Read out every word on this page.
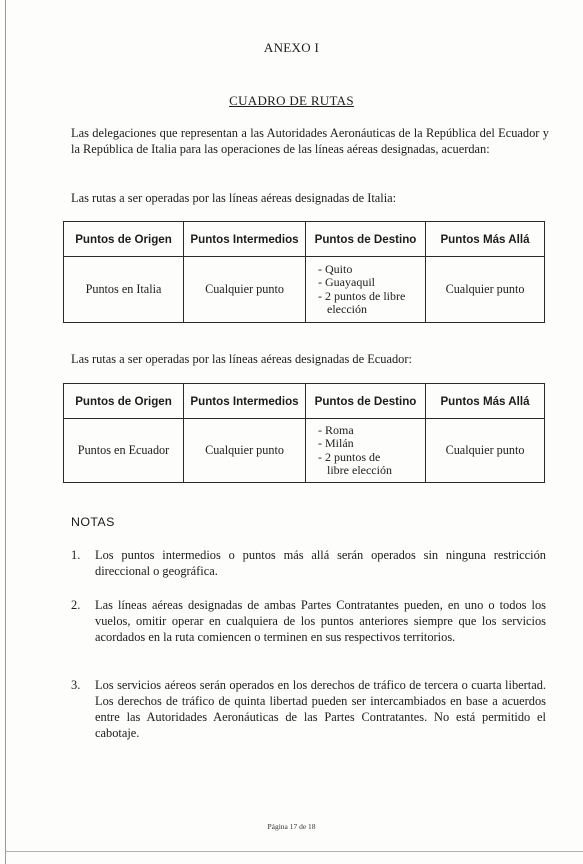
ANEXO I
CUADRO DE RUTAS
Las delegaciones que representan a las Autoridades Aeronáuticas de la República del Ecuador y la República de Italia para las operaciones de las líneas aéreas designadas, acuerdan:
Las rutas a ser operadas por las líneas aéreas designadas de Italia:
Puntos de Origen	Puntos Intermedios	Puntos de Destino	Puntos Más Allá
Puntos en Italia	Cualquier punto	- Quito
- Guayaquil
- 2 puntos de libre
elección	Cualquier punto
Las rutas a ser operadas por las líneas aéreas designadas de Ecuador:
Puntos de Origen	Puntos Intermedios	Puntos de Destino	Puntos Más Allá
Puntos en Ecuador	Cualquier punto	- Roma
- Milán
- 2 puntos de
libre elección	Cualquier punto
NOTAS
1. Los puntos intermedios o puntos más allá serán operados sin ninguna restricción direccional o geográfica.
2. Las líneas aéreas designadas de ambas Partes Contratantes pueden, en uno o todos los vuelos, omitir operar en cualquiera de los puntos anteriores siempre que los servicios acordados en la ruta comiencen o terminen en sus respectivos territorios.
3. Los servicios aéreos serán operados en los derechos de tráfico de tercera o cuarta libertad. Los derechos de tráfico de quinta libertad pueden ser intercambiados en base a acuerdos entre las Autoridades Aeronáuticas de las Partes Contratantes. No está permitido el cabotaje.
Página 17 de 18
